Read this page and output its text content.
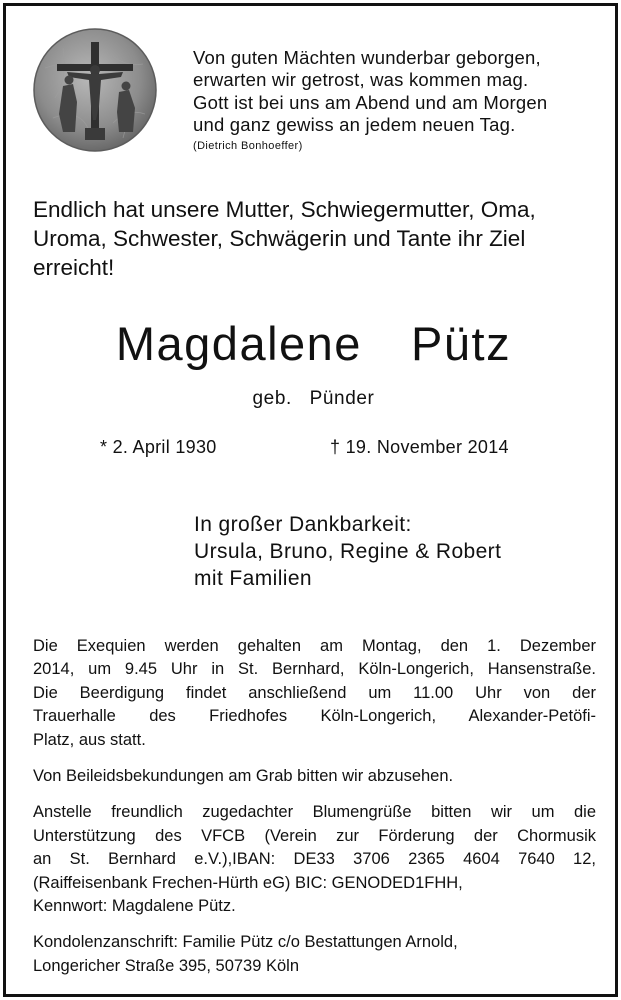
Von guten Mächten wunderbar geborgen,
erwarten wir getrost, was kommen mag.
Gott ist bei uns am Abend und am Morgen
und ganz gewiss an jedem neuen Tag.
(Dietrich Bonhoeffer)
Endlich hat unsere Mutter, Schwiegermutter, Oma,
Uroma, Schwester, Schwägerin und Tante ihr Ziel
erreicht!
Magdalene  Pütz
geb.  Pünder
* 2. April 1930	† 19. November 2014
In großer Dankbarkeit:
Ursula, Bruno, Regine & Robert
mit Familien

Die Exequien werden gehalten am Montag, den 1. Dezember
2014, um 9.45 Uhr in St. Bernhard, Köln-Longerich, Hansenstraße.
Die Beerdigung findet anschließend um 11.00 Uhr von der
Trauerhalle des Friedhofes Köln-Longerich, Alexander-Petöfi-
Platz, aus statt.

Von Beileidsbekundungen am Grab bitten wir abzusehen.

Anstelle freundlich zugedachter Blumengrüße bitten wir um die
Unterstützung des VFCB (Verein zur Förderung der Chormusik
an St. Bernhard e.V.),IBAN: DE33 3706 2365 4604 7640 12,
(Raiffeisenbank Frechen-Hürth eG) BIC: GENODED1FHH,
Kennwort: Magdalene Pütz.

Kondolenzanschrift: Familie Pütz c/o Bestattungen Arnold,
Longericher Straße 395, 50739 Köln
